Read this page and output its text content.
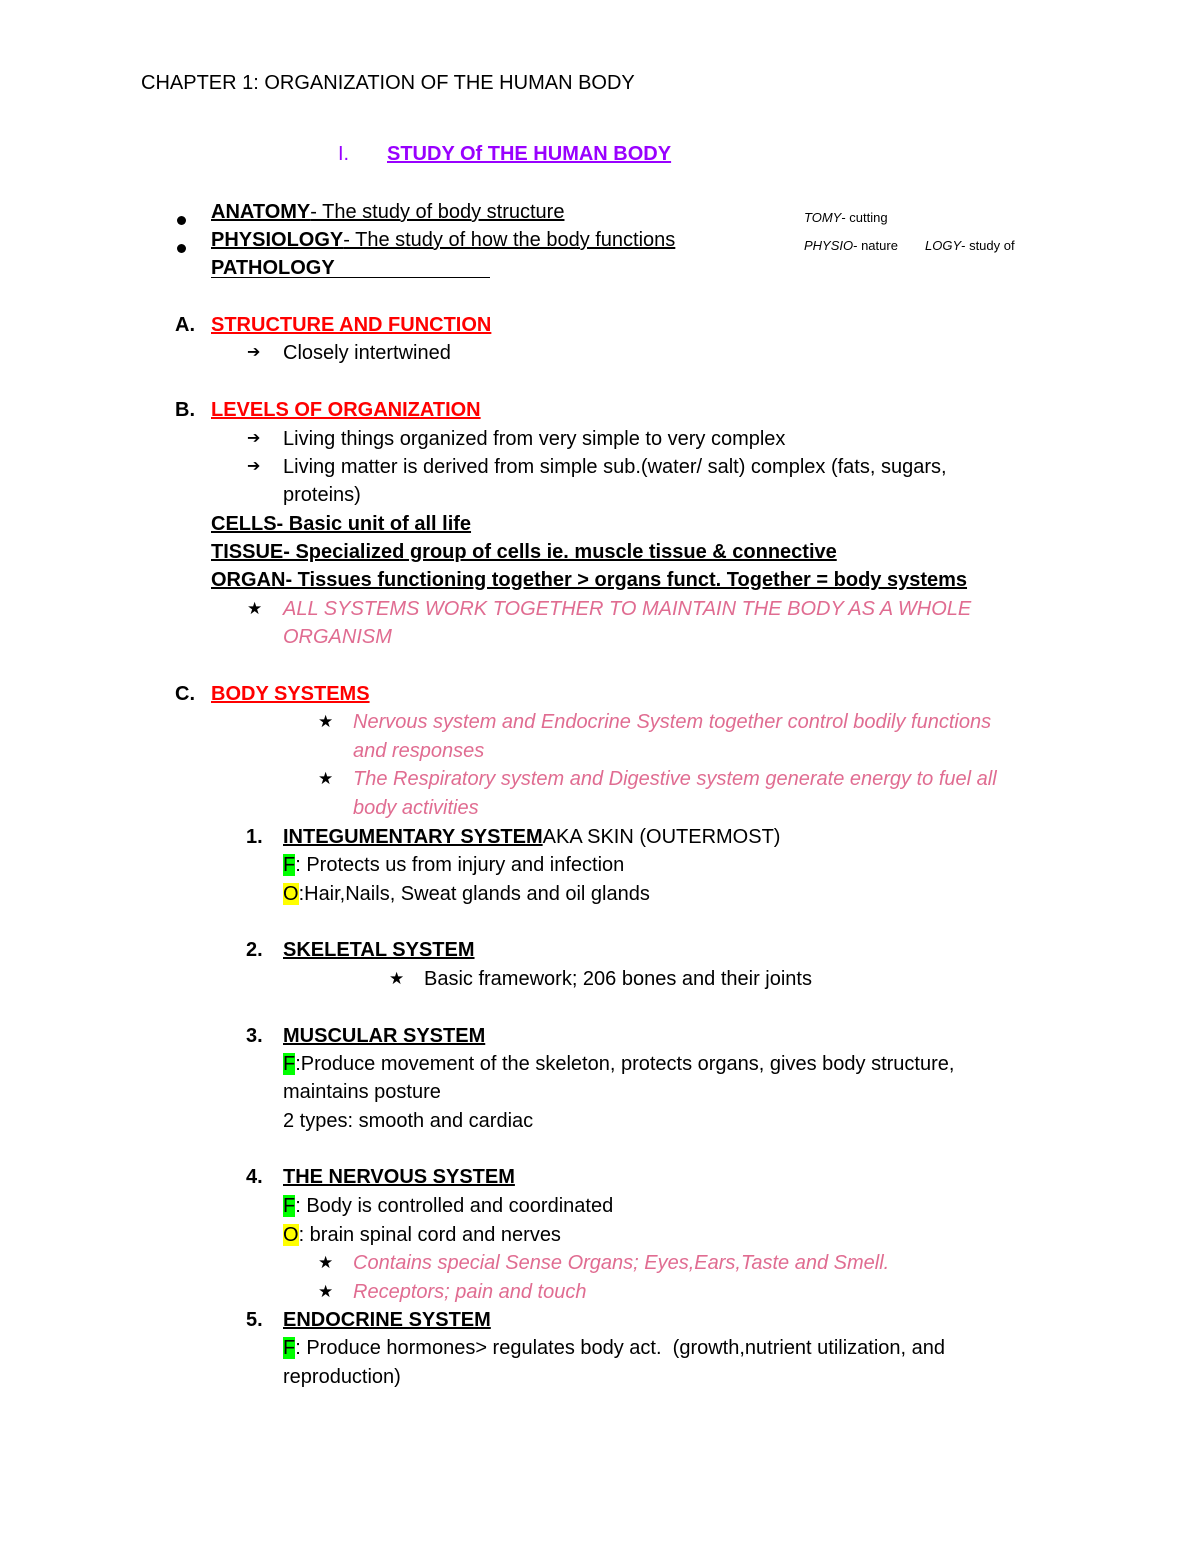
CHAPTER 1: ORGANIZATION OF THE HUMAN BODY
I. STUDY Of THE HUMAN BODY
ANATOMY- The study of body structure	TOMY- cutting
PHYSIOLOGY- The study of how the body functions	PHYSIO- nature LOGY- study of
PATHOLOGY
A. STRUCTURE AND FUNCTION
➔ Closely intertwined
B. LEVELS OF ORGANIZATION
➔ Living things organized from very simple to very complex
➔ Living matter is derived from simple sub.(water/ salt) complex (fats, sugars,
proteins)
CELLS- Basic unit of all life
TISSUE- Specialized group of cells ie. muscle tissue & connective
ORGAN- Tissues functioning together > organs funct. Together = body systems
★ ALL SYSTEMS WORK TOGETHER TO MAINTAIN THE BODY AS A WHOLE
ORGANISM
C. BODY SYSTEMS
★ Nervous system and Endocrine System together control bodily functions
and responses
★ The Respiratory system and Digestive system generate energy to fuel all
body activities
1. INTEGUMENTARY SYSTEMAKA SKIN (OUTERMOST)
F: Protects us from injury and infection
O:Hair,Nails, Sweat glands and oil glands
2. SKELETAL SYSTEM
★ Basic framework; 206 bones and their joints
3. MUSCULAR SYSTEM
F:Produce movement of the skeleton, protects organs, gives body structure,
maintains posture
2 types: smooth and cardiac
4. THE NERVOUS SYSTEM
F: Body is controlled and coordinated
O: brain spinal cord and nerves
★ Contains special Sense Organs; Eyes,Ears,Taste and Smell.
★ Receptors; pain and touch
5. ENDOCRINE SYSTEM
F: Produce hormones> regulates body act.  (growth,nutrient utilization, and
reproduction)
